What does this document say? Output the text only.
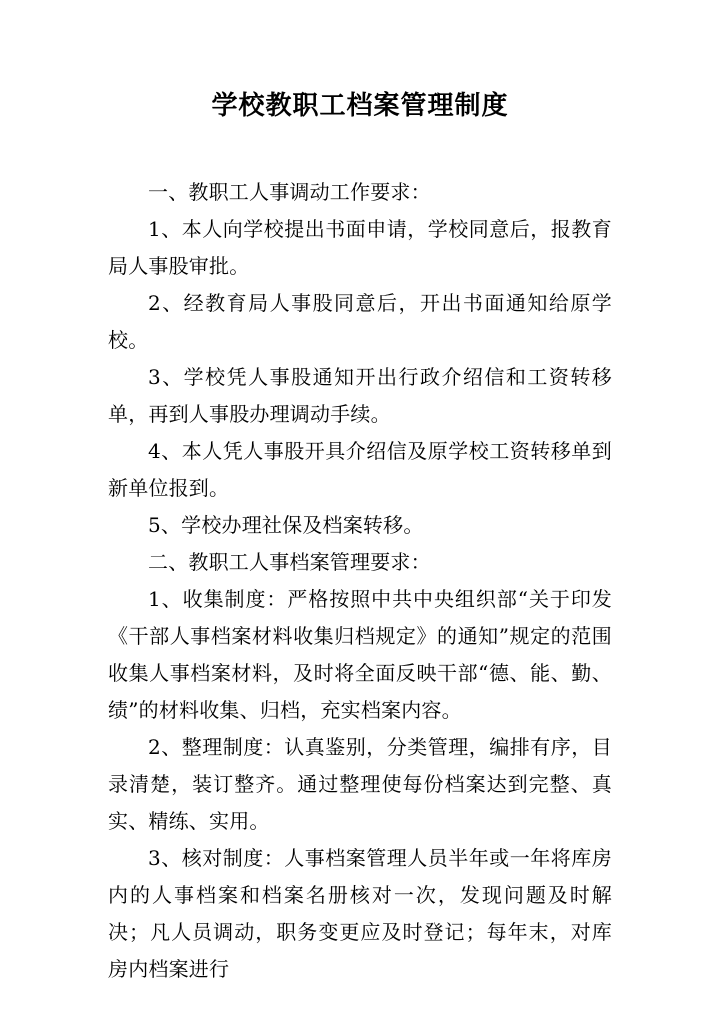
学校教职工档案管理制度

一、教职工人事调动工作要求：

1、本人向学校提出书面申请，学校同意后，报教育局人事股审批。

2、经教育局人事股同意后，开出书面通知给原学校。

3、学校凭人事股通知开出行政介绍信和工资转移单，再到人事股办理调动手续。

4、本人凭人事股开具介绍信及原学校工资转移单到新单位报到。

5、学校办理社保及档案转移。

二、教职工人事档案管理要求：

1、收集制度：严格按照中共中央组织部“关于印发《干部人事档案材料收集归档规定》的通知”规定的范围收集人事档案材料，及时将全面反映干部“德、能、勤、绩”的材料收集、归档，充实档案内容。

2、整理制度：认真鉴别，分类管理，编排有序，目录清楚，装订整齐。通过整理使每份档案达到完整、真实、精练、实用。

3、核对制度：人事档案管理人员半年或一年将库房内的人事档案和档案名册核对一次，发现问题及时解决；凡人员调动，职务变更应及时登记；每年末，对库房内档案进行
